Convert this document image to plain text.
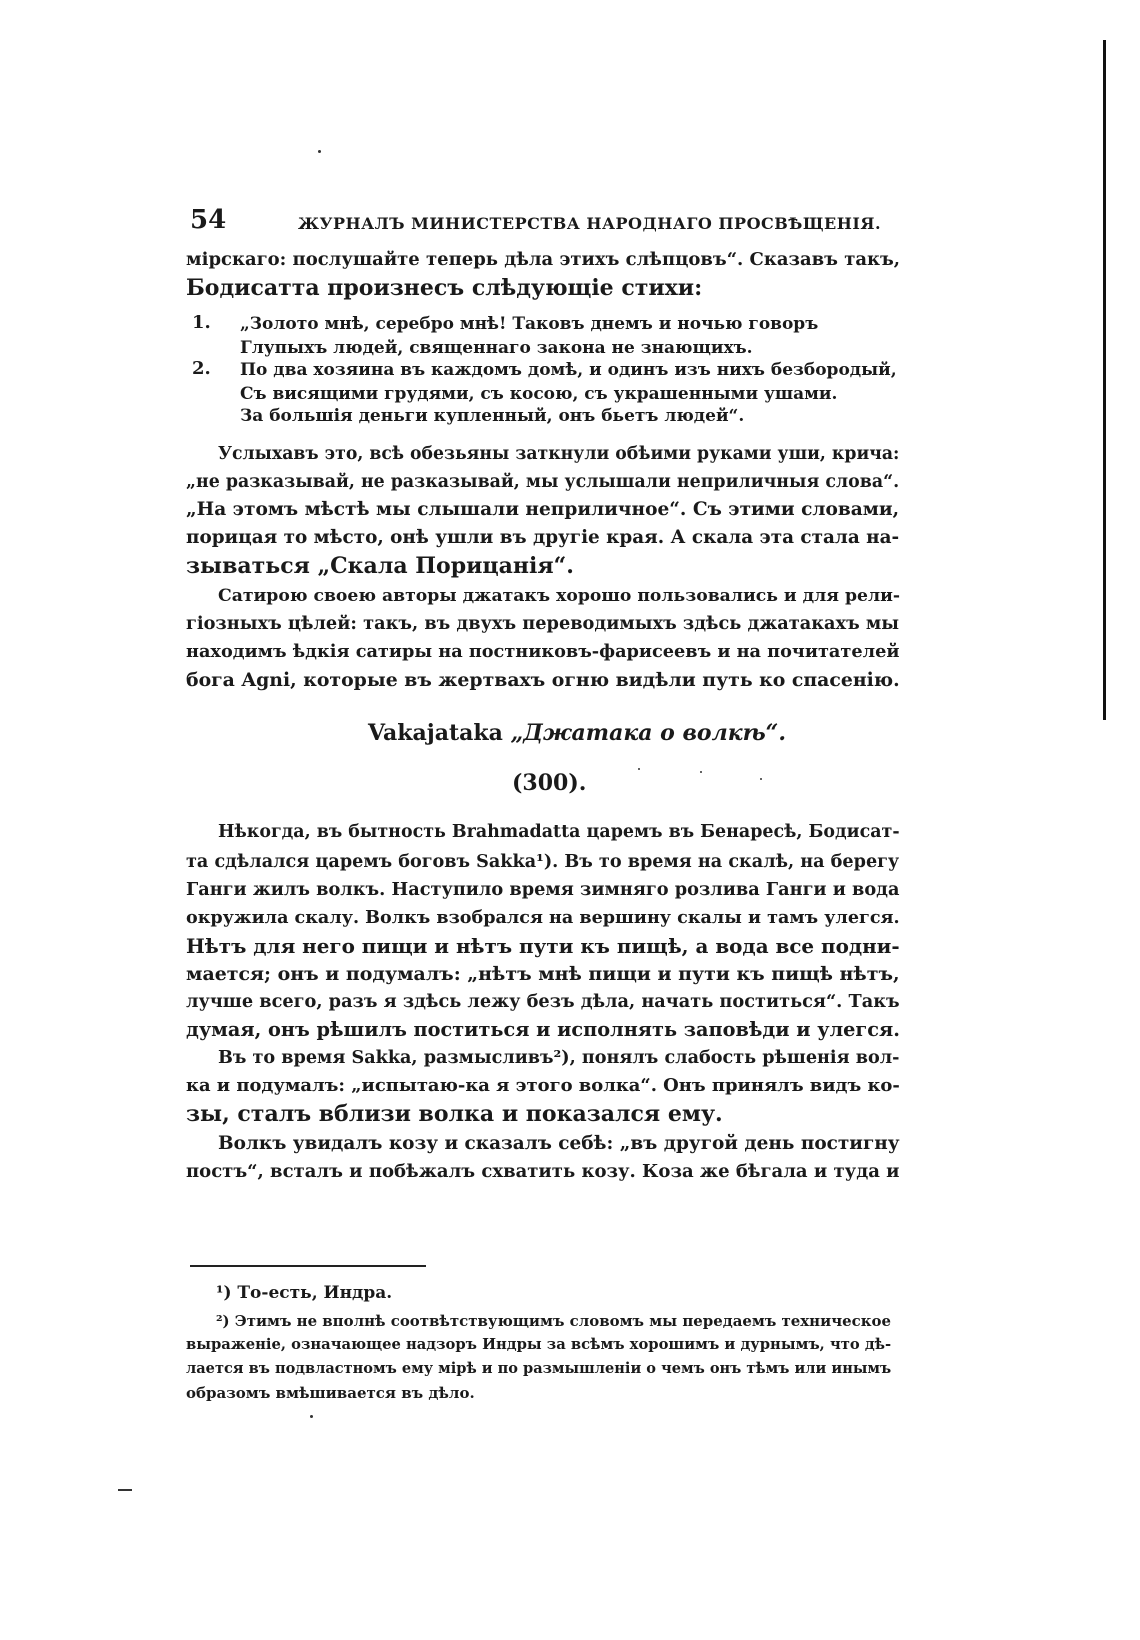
54	ЖУРНАЛЪ МИНИСТЕРСТВА НАРОДНАГО ПРОСВѢЩЕНІЯ.
мірскаго: послушайте теперь дѣла этихъ слѣпцовъ“. Сказавъ такъ,
Бодисатта произнесъ слѣдующіе стихи:
1. „Золото мнѣ, серебро мнѣ! Таковъ днемъ и ночью говоръ
Глупыхъ людей, священнаго закона не знающихъ.
2. По два хозяина въ каждомъ домѣ, и одинъ изъ нихъ безбородый,
Съ висящими грудями, съ косою, съ украшенными ушами.
За большія деньги купленный, онъ бьетъ людей“.
Услыхавъ это, всѣ обезьяны заткнули обѣими руками уши, крича:
„не разказывай, не разказывай, мы услышали неприличныя слова“.
„На этомъ мѣстѣ мы слышали неприличное“. Съ этими словами,
порицая то мѣсто, онѣ ушли въ другіе края. А скала эта стала на-
зываться „Скала Порицанія“.
Сатирою своею авторы джатакъ хорошо пользовались и для рели-
гіозныхъ цѣлей: такъ, въ двухъ переводимыхъ здѣсь джатакахъ мы
находимъ ѣдкія сатиры на постниковъ-фарисеевъ и на почитателей
бога Agni, которые въ жертвахъ огню видѣли путь ко спасенію.
Vakajataka „Джатака о волкѣ“.
(300).
Нѣкогда, въ бытность Brahmadatta царемъ въ Бенаресѣ, Бодисат-
та сдѣлался царемъ боговъ Sakka¹). Въ то время на скалѣ, на берегу
Ганги жилъ волкъ. Наступило время зимняго розлива Ганги и вода
окружила скалу. Волкъ взобрался на вершину скалы и тамъ улегся.
Нѣтъ для него пищи и нѣтъ пути къ пищѣ, а вода все подни-
мается; онъ и подумалъ: „нѣтъ мнѣ пищи и пути къ пищѣ нѣтъ,
лучше всего, разъ я здѣсь лежу безъ дѣла, начать поститься“. Такъ
думая, онъ рѣшилъ поститься и исполнять заповѣди и улегся.
Въ то время Sakka, размысливъ²), понялъ слабость рѣшенія вол-
ка и подумалъ: „испытаю-ка я этого волка“. Онъ принялъ видъ ко-
зы, сталъ вблизи волка и показался ему.
Волкъ увидалъ козу и сказалъ себѣ: „въ другой день постигну
постъ“, всталъ и побѣжалъ схватить козу. Коза же бѣгала и туда и
¹) То-есть, Индра.
²) Этимъ не вполнѣ соотвѣтствующимъ словомъ мы передаемъ техническое
выраженіе, означающее надзоръ Индры за всѣмъ хорошимъ и дурнымъ, что дѣ-
лается въ подвластномъ ему мірѣ и по размышленіи о чемъ онъ тѣмъ или инымъ
образомъ вмѣшивается въ дѣло.
